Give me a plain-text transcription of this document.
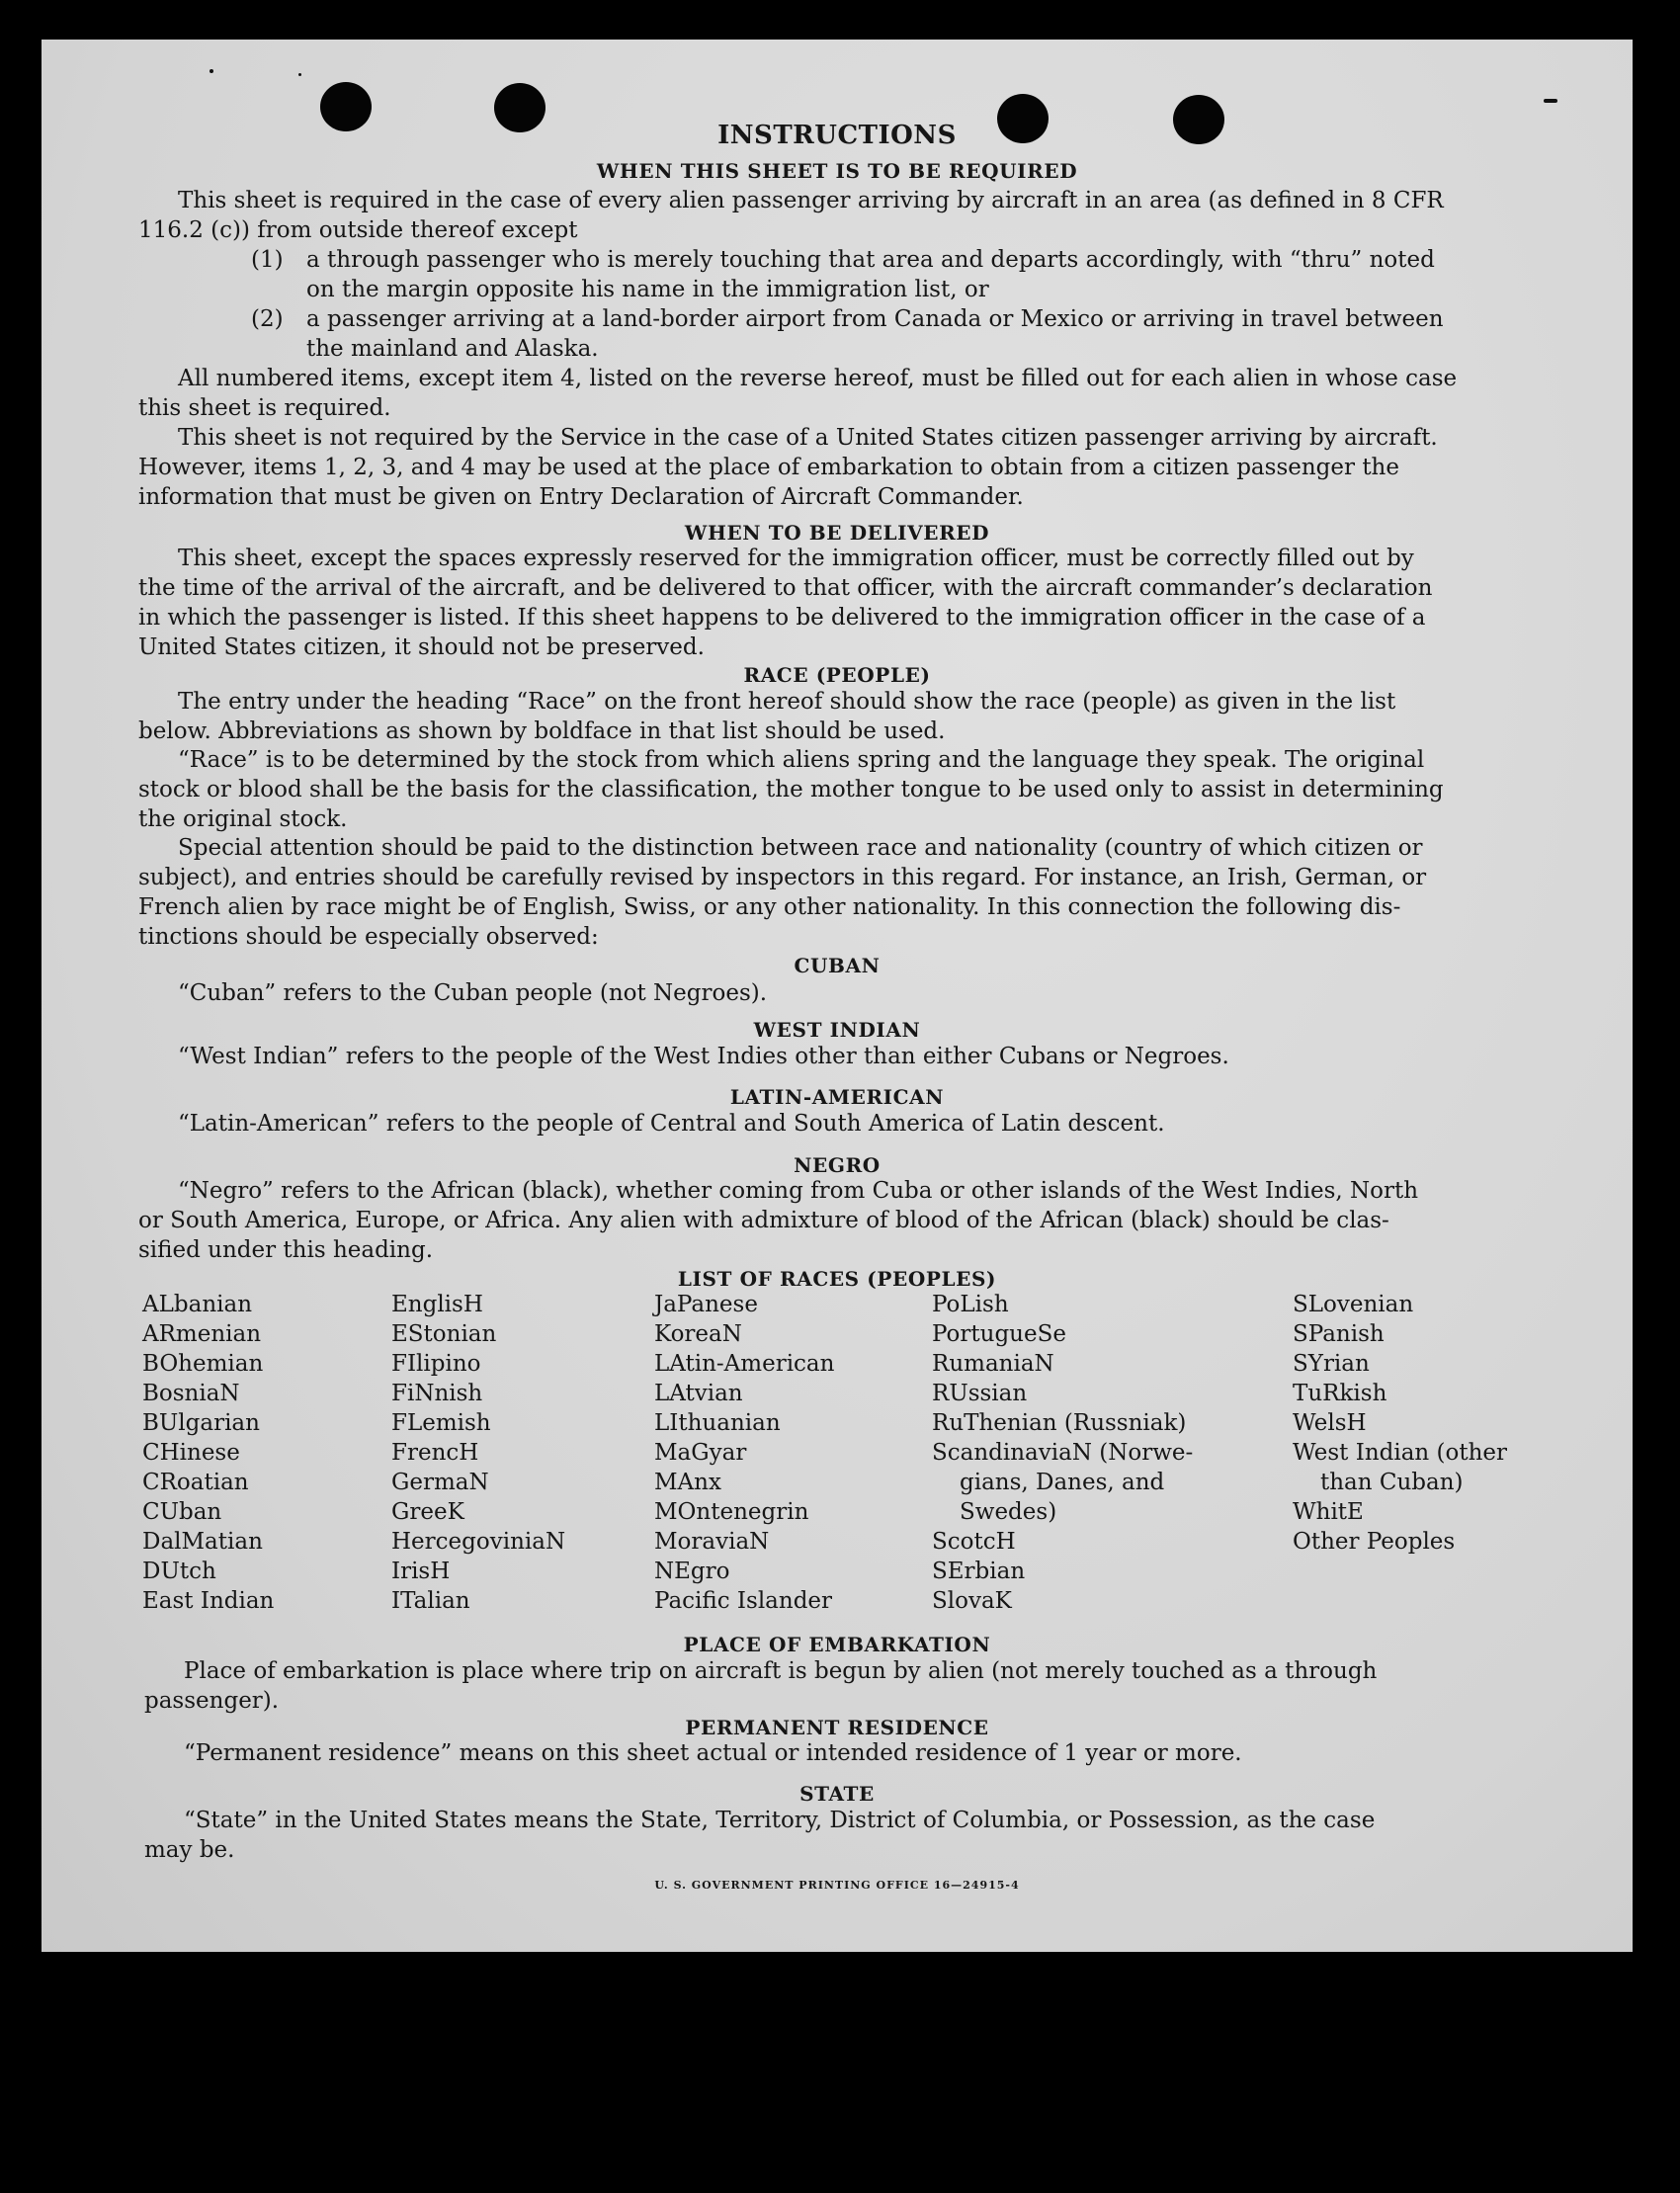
INSTRUCTIONS
WHEN THIS SHEET IS TO BE REQUIRED
This sheet is required in the case of every alien passenger arriving by aircraft in an area (as defined in 8 CFR
116.2 (c)) from outside thereof except
(1) a through passenger who is merely touching that area and departs accordingly, with “thru” noted
on the margin opposite his name in the immigration list, or
(2) a passenger arriving at a land-border airport from Canada or Mexico or arriving in travel between
the mainland and Alaska.
All numbered items, except item 4, listed on the reverse hereof, must be filled out for each alien in whose case
this sheet is required.
This sheet is not required by the Service in the case of a United States citizen passenger arriving by aircraft.
However, items 1, 2, 3, and 4 may be used at the place of embarkation to obtain from a citizen passenger the
information that must be given on Entry Declaration of Aircraft Commander.
WHEN TO BE DELIVERED
This sheet, except the spaces expressly reserved for the immigration officer, must be correctly filled out by
the time of the arrival of the aircraft, and be delivered to that officer, with the aircraft commander’s declaration
in which the passenger is listed. If this sheet happens to be delivered to the immigration officer in the case of a
United States citizen, it should not be preserved.
RACE (PEOPLE)
The entry under the heading “Race” on the front hereof should show the race (people) as given in the list
below. Abbreviations as shown by boldface in that list should be used.
“Race” is to be determined by the stock from which aliens spring and the language they speak. The original
stock or blood shall be the basis for the classification, the mother tongue to be used only to assist in determining
the original stock.
Special attention should be paid to the distinction between race and nationality (country of which citizen or
subject), and entries should be carefully revised by inspectors in this regard. For instance, an Irish, German, or
French alien by race might be of English, Swiss, or any other nationality. In this connection the following dis-
tinctions should be especially observed:
CUBAN
“Cuban” refers to the Cuban people (not Negroes).
WEST INDIAN
“West Indian” refers to the people of the West Indies other than either Cubans or Negroes.
LATIN-AMERICAN
“Latin-American” refers to the people of Central and South America of Latin descent.
NEGRO
“Negro” refers to the African (black), whether coming from Cuba or other islands of the West Indies, North
or South America, Europe, or Africa. Any alien with admixture of blood of the African (black) should be clas-
sified under this heading.
LIST OF RACES (PEOPLES)
ALbanian
ARmenian
BOhemian
BosniaN
BUlgarian
CHinese
CRoatian
CUban
DalMatian
DUtch
East Indian
EnglisH
EStonian
FIlipino
FiNnish
FLemish
FrencH
GermaN
GreeK
HercegoviniaN
IrisH
ITalian
JaPanese
KoreaN
LAtin-American
LAtvian
LIthuanian
MaGyar
MAnx
MOntenegrin
MoraviaN
NEgro
Pacific Islander
PoLish
PortugueSe
RumaniaN
RUssian
RuThenian (Russniak)
ScandinaviaN (Norwe-
gians, Danes, and
Swedes)
ScotcH
SErbian
SlovaK
SLovenian
SPanish
SYrian
TuRkish
WelsH
West Indian (other
than Cuban)
WhitE
Other Peoples
PLACE OF EMBARKATION
Place of embarkation is place where trip on aircraft is begun by alien (not merely touched as a through
passenger).
PERMANENT RESIDENCE
“Permanent residence” means on this sheet actual or intended residence of 1 year or more.
STATE
“State” in the United States means the State, Territory, District of Columbia, or Possession, as the case
may be.
U. S. GOVERNMENT PRINTING OFFICE 16—24915-4
